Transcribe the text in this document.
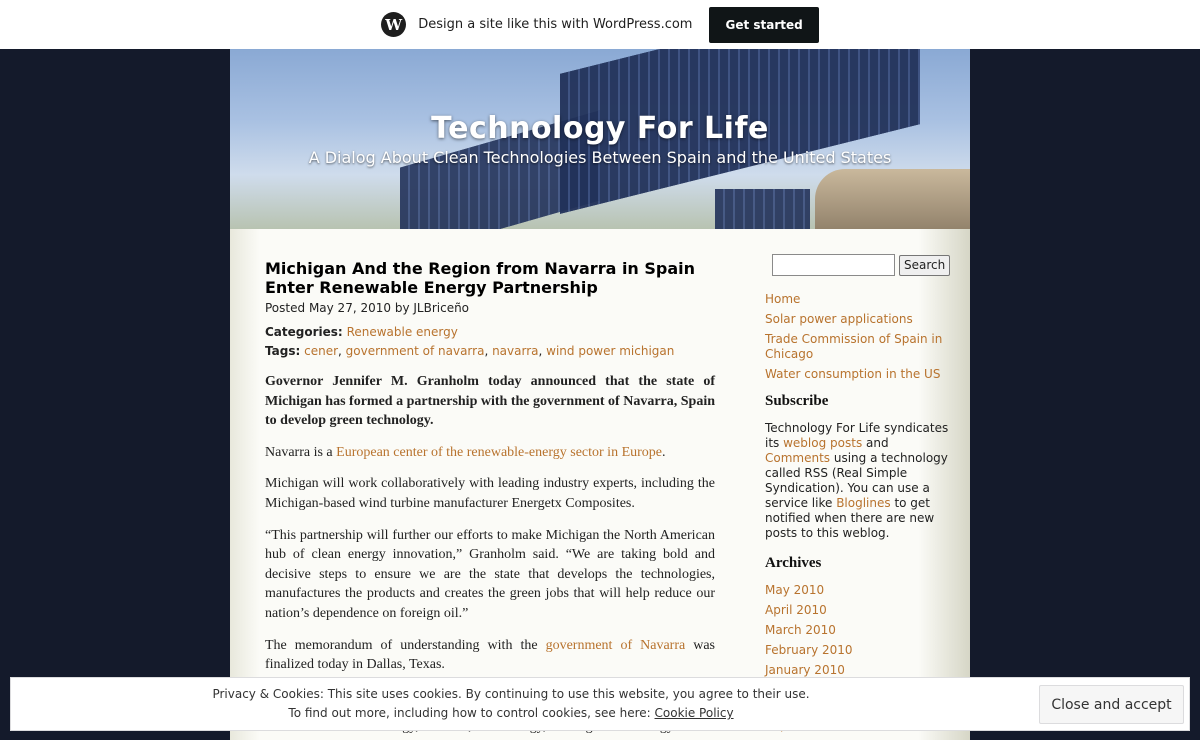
W	Design a site like this with WordPress.com	Get started
Technology For Life
A Dialog About Clean Technologies Between Spain and the United States
Michigan And the Region from Navarra in Spain Enter Renewable Energy Partnership
Posted May 27, 2010 by JLBriceño
Categories: Renewable energy
Tags: cener, government of navarra, navarra, wind power michigan

Governor Jennifer M. Granholm today announced that the state of Michigan has formed a partnership with the government of Navarra, Spain to develop green technology.

Navarra is a European center of the renewable-energy sector in Europe.

Michigan will work collaboratively with leading industry experts, including the Michigan-based wind turbine manufacturer Energetx Composites.

“This partnership will further our efforts to make Michigan the North American hub of clean energy innovation,” Granholm said. “We are taking bold and decisive steps to ensure we are the state that develops the technologies, manufactures the products and creates the green jobs that will help reduce our nation’s dependence on foreign oil.”

The memorandum of understanding with the government of Navarra was finalized today in Dallas, Texas.

Search
Home
Solar power applications
Trade Commission of Spain in Chicago
Water consumption in the US
Subscribe
Technology For Life syndicates its weblog posts and Comments using a technology called RSS (Real Simple Syndication). You can use a service like Bloglines to get notified when there are new posts to this weblog.
Archives
May 2010
April 2010
March 2010
February 2010
January 2010
Privacy & Cookies: This site uses cookies. By continuing to use this website, you agree to their use.
To find out more, including how to control cookies, see here: Cookie Policy
Close and accept
